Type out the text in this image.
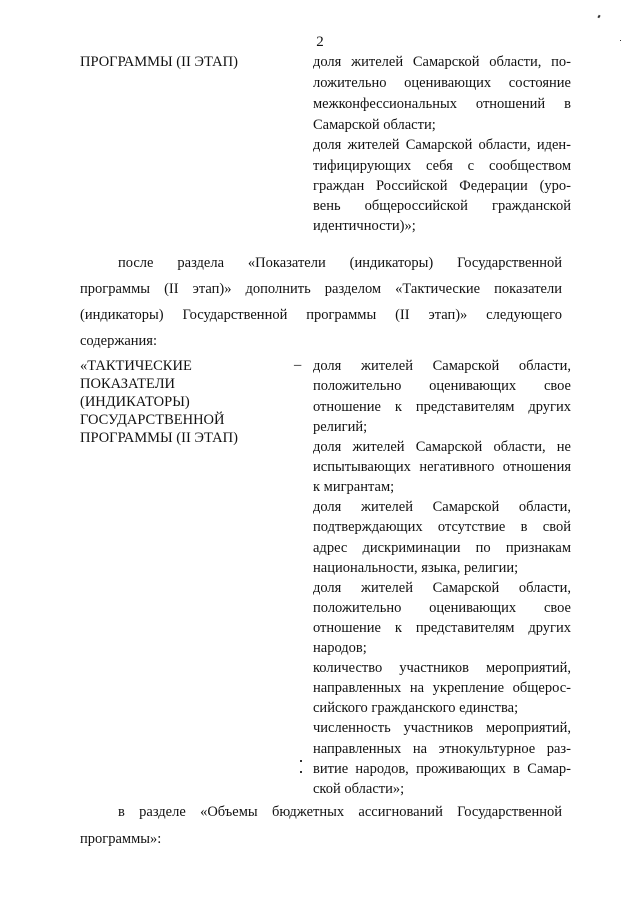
2
ПРОГРАММЫ (II ЭТАП)	доля жителей Самарской области, по-
ложительно оценивающих состояние
межконфессиональных отношений в
Самарской области;
доля жителей Самарской области, иден-
тифицирующих себя с сообществом
граждан Российской Федерации (уро-
вень общероссийской гражданской
идентичности)»;
после раздела «Показатели (индикаторы) Государственной
программы (II этап)» дополнить разделом «Тактические показатели
(индикаторы) Государственной программы (II этап)» следующего
содержания:
«ТАКТИЧЕСКИЕ
ПОКАЗАТЕЛИ
(ИНДИКАТОРЫ)
ГОСУДАРСТВЕННОЙ
ПРОГРАММЫ (II ЭТАП)
– доля жителей Самарской области,
положительно оценивающих свое
отношение к представителям других
религий;
доля жителей Самарской области, не
испытывающих негативного отношения
к мигрантам;
доля жителей Самарской области,
подтверждающих отсутствие в свой
адрес дискриминации по признакам
национальности, языка, религии;
доля жителей Самарской области,
положительно оценивающих свое
отношение к представителям других
народов;
количество участников мероприятий,
направленных на укрепление общерос-
сийского гражданского единства;
численность участников мероприятий,
направленных на этнокультурное раз-
витие народов, проживающих в Самар-
ской области»;
в разделе «Объемы бюджетных ассигнований Государственной
программы»:
